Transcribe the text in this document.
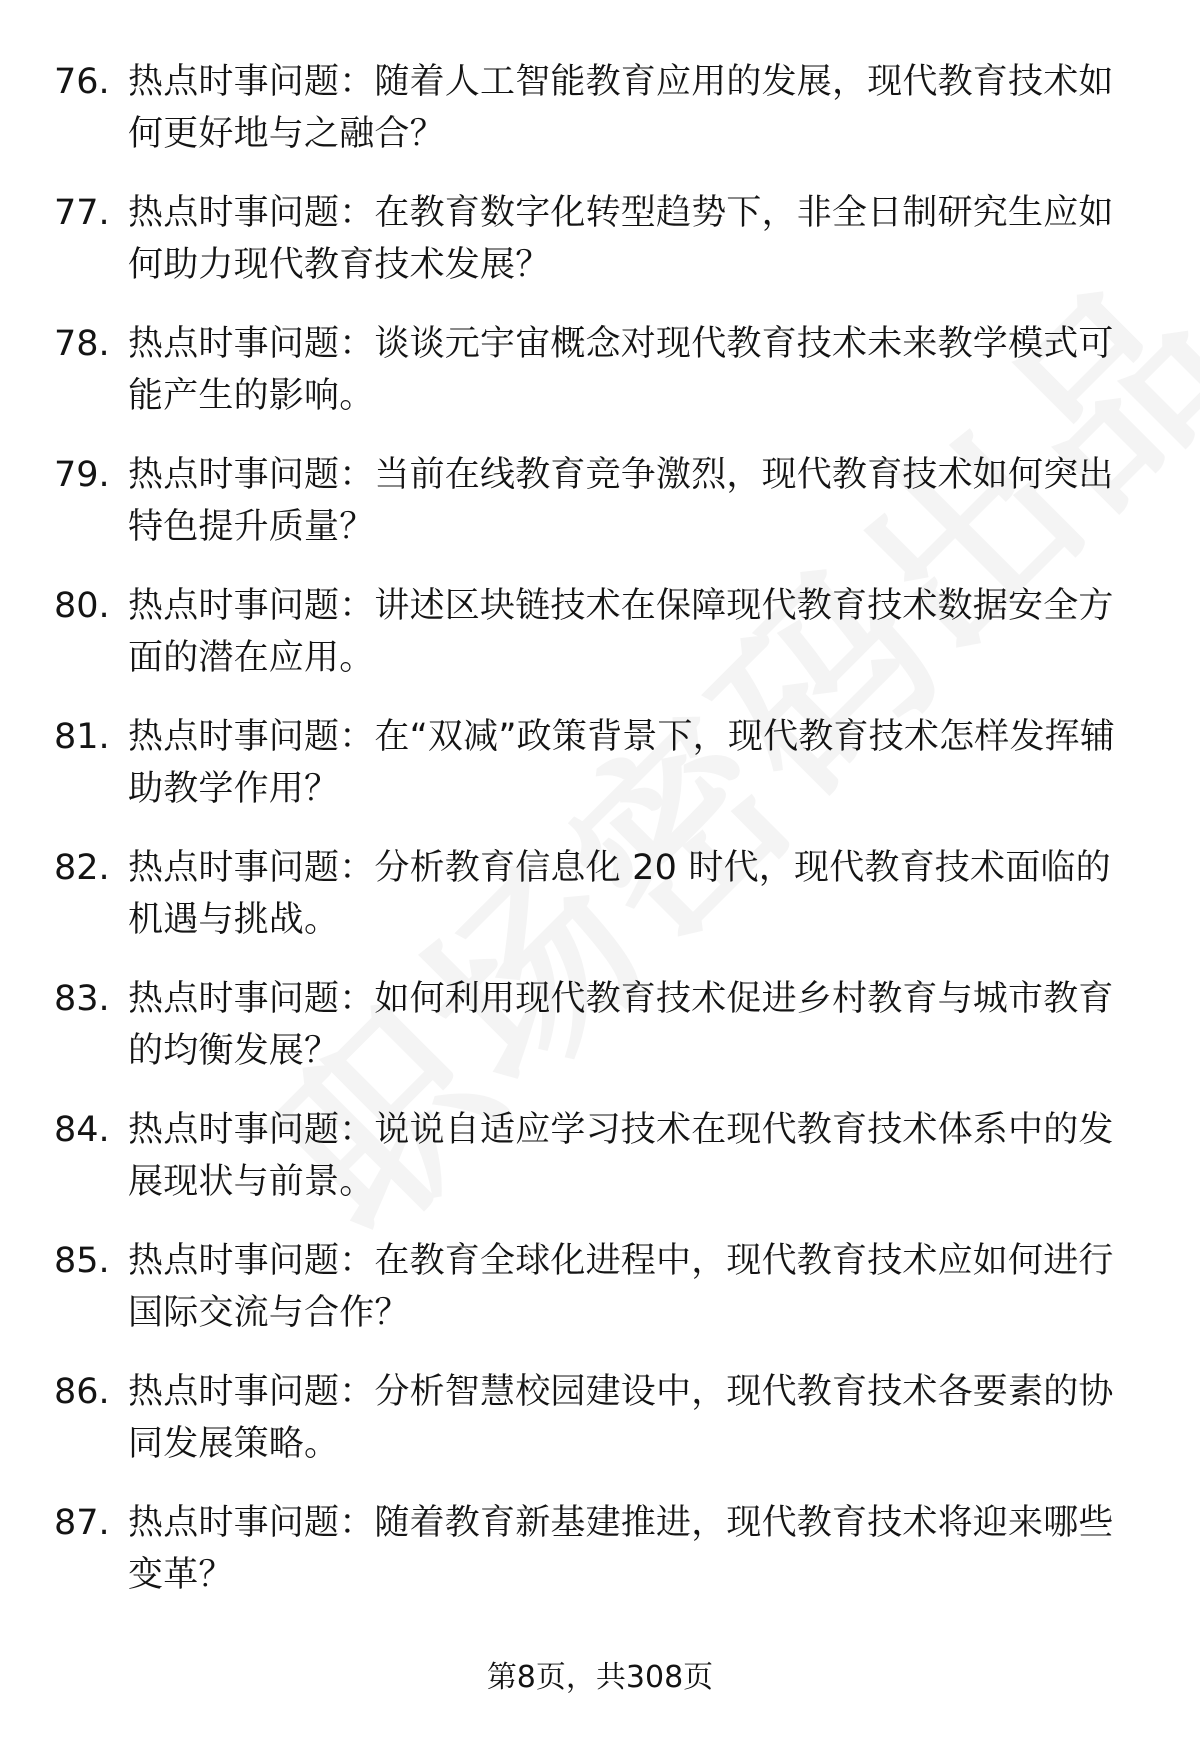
76. 热点时事问题：随着人工智能教育应用的发展，现代教育技术如何更好地与之融合？
77. 热点时事问题：在教育数字化转型趋势下，非全日制研究生应如何助力现代教育技术发展？
78. 热点时事问题：谈谈元宇宙概念对现代教育技术未来教学模式可能产生的影响。
79. 热点时事问题：当前在线教育竞争激烈，现代教育技术如何突出特色提升质量？
80. 热点时事问题：讲述区块链技术在保障现代教育技术数据安全方面的潜在应用。
81. 热点时事问题：在“双减”政策背景下，现代教育技术怎样发挥辅助教学作用？
82. 热点时事问题：分析教育信息化 20 时代，现代教育技术面临的机遇与挑战。
83. 热点时事问题：如何利用现代教育技术促进乡村教育与城市教育的均衡发展？
84. 热点时事问题：说说自适应学习技术在现代教育技术体系中的发展现状与前景。
85. 热点时事问题：在教育全球化进程中，现代教育技术应如何进行国际交流与合作？
86. 热点时事问题：分析智慧校园建设中，现代教育技术各要素的协同发展策略。
87. 热点时事问题：随着教育新基建推进，现代教育技术将迎来哪些变革？
第8页，共308页
